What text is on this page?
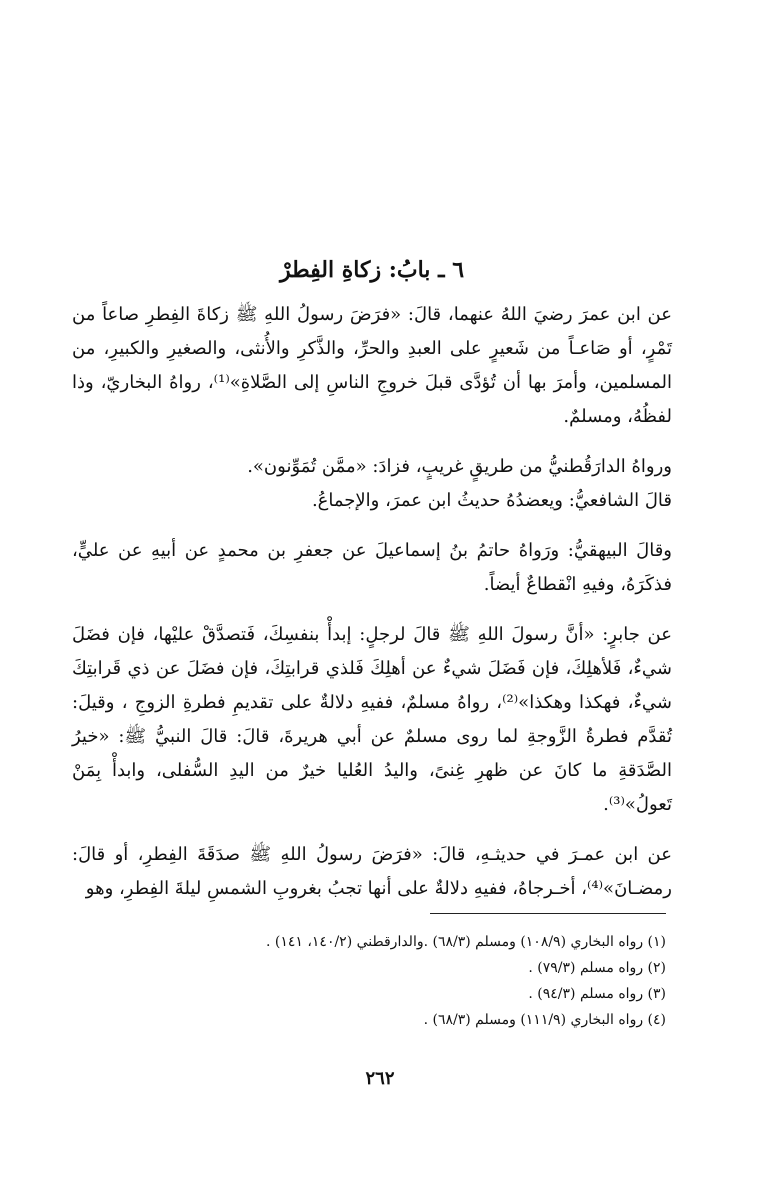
٦ ـ بابُ: زكاةِ الفِطرْ

عن ابن عمرَ رضيَ اللهُ عنهما، قالَ: «فرَضَ رسولُ اللهِ ﷺ زكاةَ الفِطرِ صاعاً من تَمْرٍ، أو صَاعـاً من شَعيرٍ على العبدِ والحرِّ، والذَّكرِ والأُنثى، والصغيرِ والكبيرِ، من المسلمين، وأمرَ بها أن تُؤدَّى قبلَ خروجِ الناسِ إلى الصَّلاةِ»⁽¹⁾، رواهُ البخاريّ، وذا لفظُهُ، ومسلمٌ.

ورواهُ الدارَقُطنيُّ من طريقٍ غريبٍ، فزادَ: «ممَّن تُمَوِّنون».

قالَ الشافعيُّ: ويعضدُهُ حديثُ ابن عمرَ، والإجماعُ.

وقالَ البيهقيُّ: ورَواهُ حاتمُ بنُ إسماعيلَ عن جعفرِ بن محمدٍ عن أبيهِ عن عليٍّ، فذكَرَهُ، وفيهِ انْقطاعٌ أيضاً.

عن جابرٍ: «أنَّ رسولَ اللهِ ﷺ قالَ لرجلٍ: إبدأْ بنفسِكَ، فَتصدَّقْ عليْها، فإن فضَلَ شيءٌ، فَلأهلِكَ، فإن فَضَلَ شيءٌ عن أهلِكَ فَلذي قرابتِكَ، فإن فضَلَ عن ذي قَرابتِكَ شيءٌ، فهكذا وهكذا»⁽²⁾، رواهُ مسلمٌ، ففيهِ دلالةٌ على تقديمِ فطرةِ الزوجِ ، وقيلَ: تُقدَّم فطرةُ الزَّوجةِ لما روى مسلمٌ عن أبي هريرةَ، قالَ: قالَ النبيُّ ﷺ: «خيرُ الصَّدَقةِ ما كانَ عن ظهرِ غِنىً، واليدُ العُليا خيرٌ من اليدِ السُّفلى، وابدأْ بِمَنْ تَعولُ»⁽³⁾.

عن ابن عمـرَ في حديثـهِ، قالَ: «فرَضَ رسولُ اللهِ ﷺ صدَقَةَ الفِطرِ، أو قالَ: رمضـانَ»⁽⁴⁾، أخـرجاهُ، ففيهِ دلالةٌ على أنها تجبُ بغروبِ الشمسِ ليلةَ الفِطرِ، وهو

(١) رواه البخاري (١٠٨/٩) ومسلم (٦٨/٣) .والدارقطني (١٤٠/٢، ١٤١) .

(٢) رواه مسلم (٧٩/٣) .

(٣) رواه مسلم (٩٤/٣) .

(٤) رواه البخاري (١١١/٩) ومسلم (٦٨/٣) .

٢٦٢
